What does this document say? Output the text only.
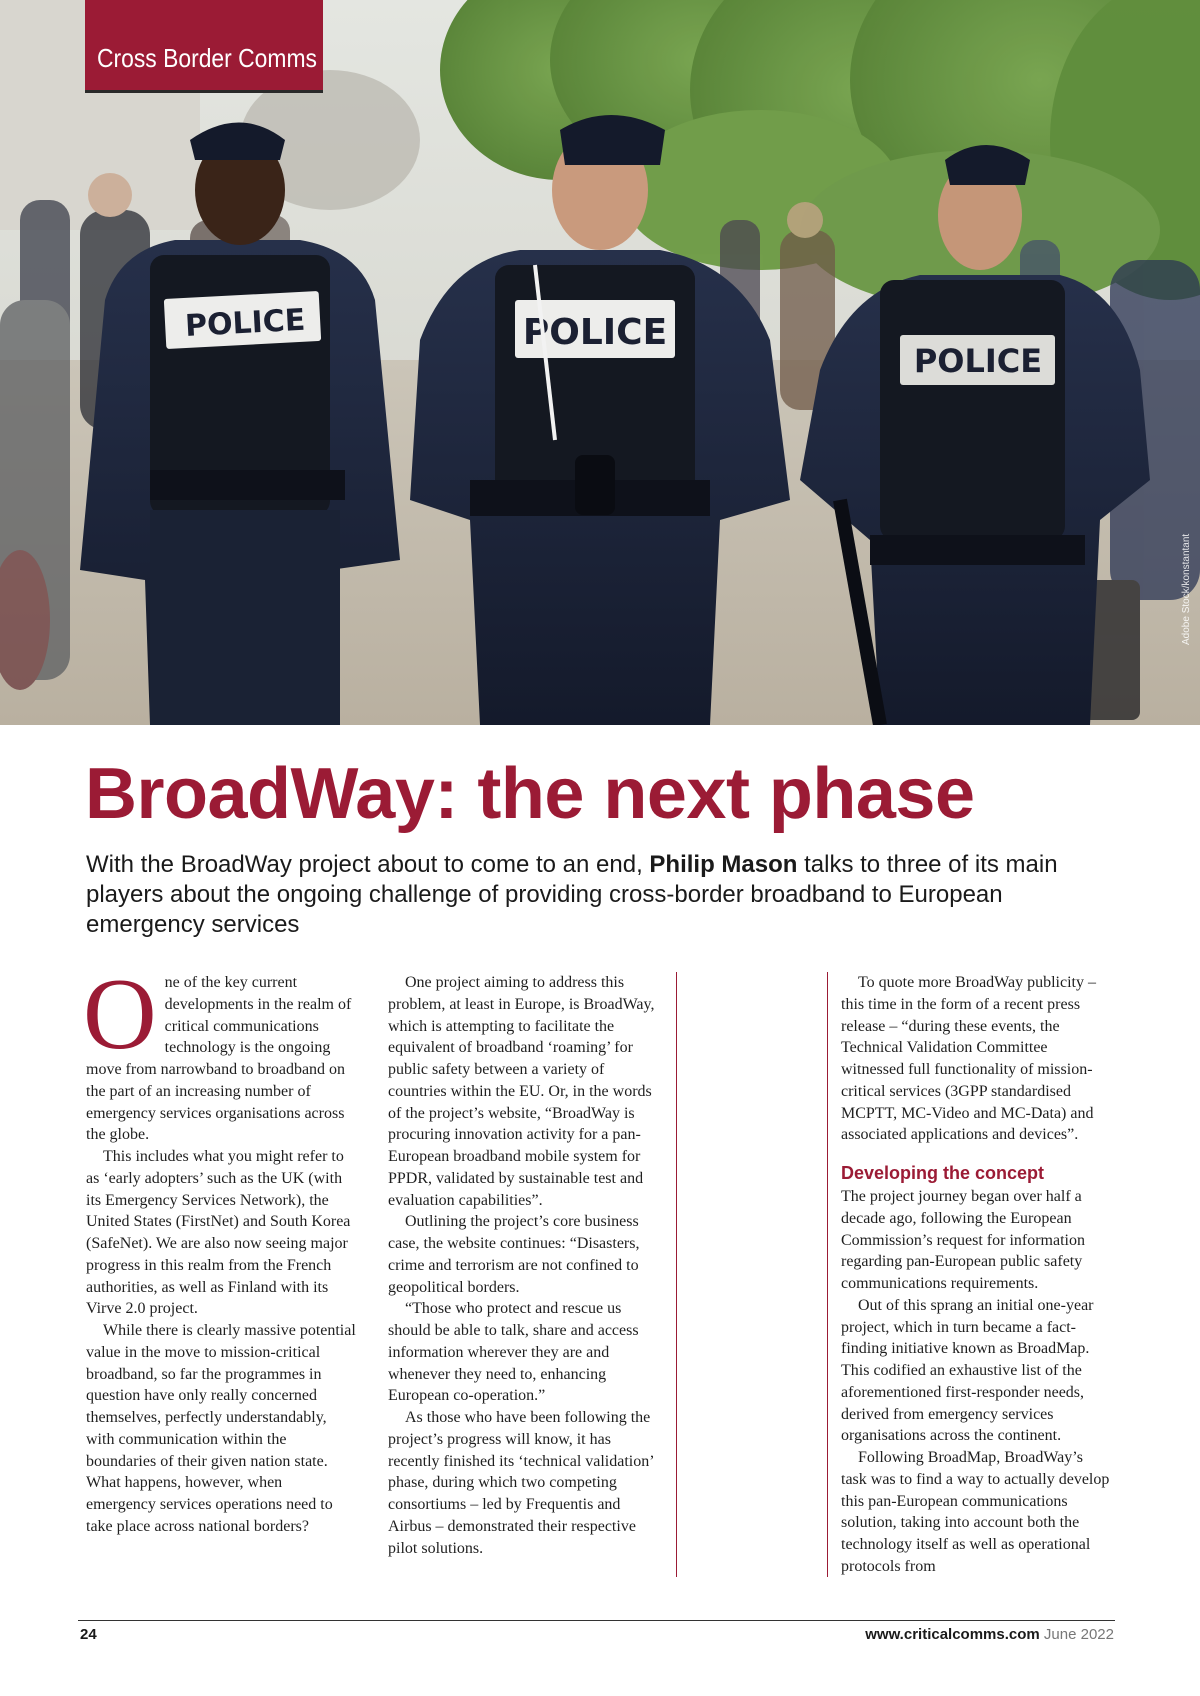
POLICE	POLICE
POLICE
Cross Border Comms
Adobe Stock/konstantant
BroadWay: the next phase
With the BroadWay project about to come to an end, Philip Mason talks to three of its main players about the ongoing challenge of providing cross-border broadband to European emergency services

One of the key current developments in the realm of critical communications technology is the ongoing move from narrowband to broadband on the part of an increasing number of emergency services organisations across the globe.

This includes what you might refer to as ‘early adopters’ such as the UK (with its Emergency Services Network), the United States (FirstNet) and South Korea (SafeNet). We are also now seeing major progress in this realm from the French authorities, as well as Finland with its Virve 2.0 project.

While there is clearly massive potential value in the move to mission-critical broadband, so far the programmes in question have only really concerned themselves, perfectly understandably, with communication within the boundaries of their given nation state. What happens, however, when emergency services operations need to take place across national borders?

One project aiming to address this problem, at least in Europe, is BroadWay, which is attempting to facilitate the equivalent of broadband ‘roaming’ for public safety between a variety of countries within the EU. Or, in the words of the project’s website, “BroadWay is procuring innovation activity for a pan-European broadband mobile system for PPDR, validated by sustainable test and evaluation capabilities”.

Outlining the project’s core business case, the website continues: “Disasters, crime and terrorism are not confined to geopolitical borders.

“Those who protect and rescue us should be able to talk, share and access information wherever they are and whenever they need to, enhancing European co-operation.”

As those who have been following the project’s progress will know, it has recently finished its ‘technical validation’ phase, during which two competing consortiums – led by Frequentis and Airbus – demonstrated their respective pilot solutions.

To quote more BroadWay publicity – this time in the form of a recent press release – “during these events, the Technical Validation Committee witnessed full functionality of mission-critical services (3GPP standardised MCPTT, MC-Video and MC-Data) and associated applications and devices”.

Developing the concept

The project journey began over half a decade ago, following the European Commission’s request for information regarding pan-European public safety communications requirements.

Out of this sprang an initial one-year project, which in turn became a fact-finding initiative known as BroadMap. This codified an exhaustive list of the aforementioned first-responder needs, derived from emergency services organisations across the continent.

Following BroadMap, BroadWay’s task was to find a way to actually develop this pan-European communications solution, taking into account both the technology itself as well as operational protocols from

24	www.criticalcomms.com June 2022
